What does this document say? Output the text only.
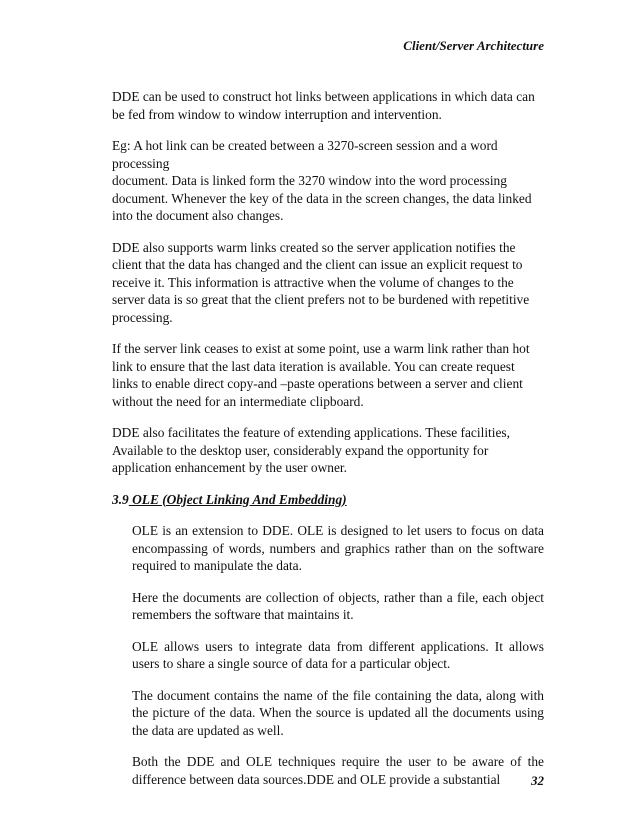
Client/Server Architecture

DDE can be used to construct hot links between applications in which data can be fed from window to window interruption and intervention.

Eg: A hot link can be created between a 3270-screen session and a word processing
document. Data is linked form the 3270 window into the word processing document. Whenever the key of the data in the screen changes, the data linked into the document also changes.

DDE also supports warm links created so the server application notifies the client that the data has changed and the client can issue an explicit request to receive it. This information is attractive when the volume of changes to the server data is so great that the client prefers not to be burdened with repetitive processing.

If the server link ceases to exist at some point, use a warm link rather than hot link to ensure that the last data iteration is available. You can create request links to enable direct copy-and –paste operations between a server and client without the need for an intermediate clipboard.

DDE also facilitates the feature of extending applications. These facilities, Available to the desktop user, considerably expand the opportunity for application enhancement by the user owner.

3.9 OLE (Object Linking And Embedding)

OLE is an extension to DDE. OLE is designed to let users to focus on data encompassing of words, numbers and graphics rather than on the software required to manipulate the data.

Here the documents are collection of objects, rather than a file, each object remembers the software that maintains it.

OLE allows users to integrate data from different applications. It allows users to share a single source of data for a particular object.

The document contains the name of the file containing the data, along with the picture of the data. When the source is updated all the documents using the data are updated as well.

Both the DDE and OLE techniques require the user to be aware of the difference between data sources.DDE and OLE provide a substantial	32
